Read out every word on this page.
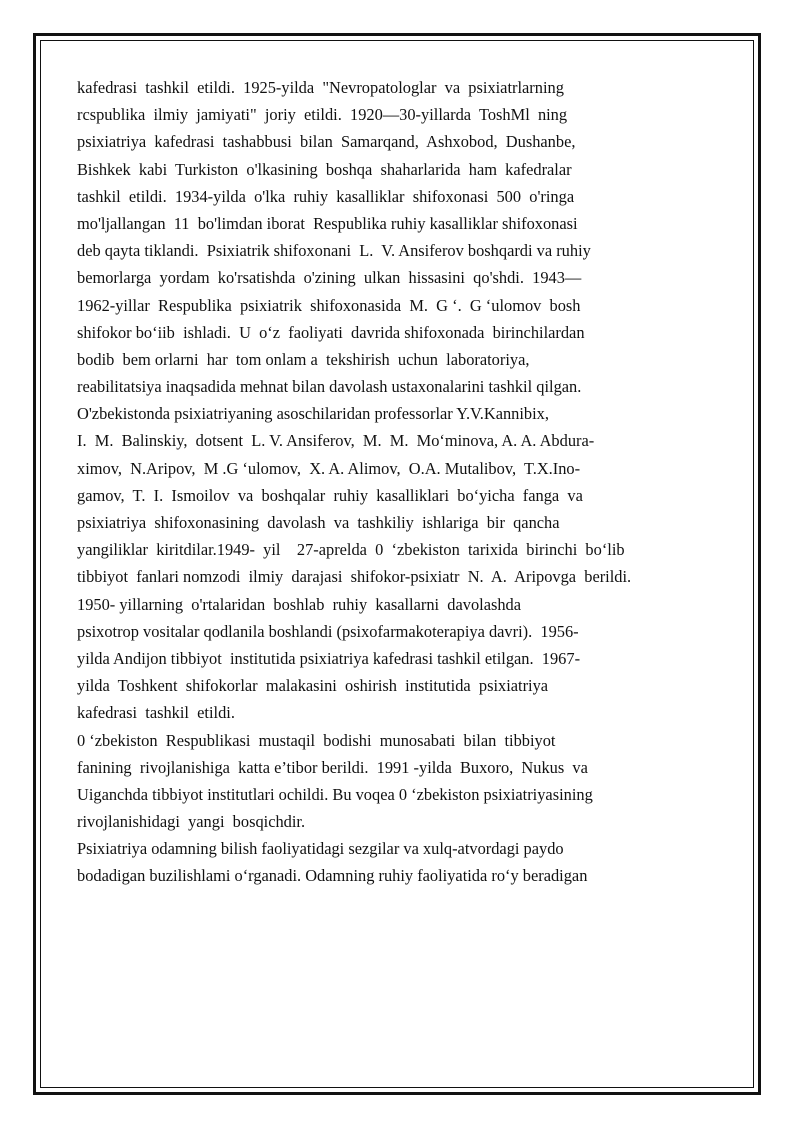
kafedrasi  tashkil  etildi.  1925-yilda  "Nevropatologlar  va  psixiatrlarning
rcspublika  ilmiy  jamiyati"  joriy  etildi.  1920—30-yillarda  ToshMl  ning
psixiatriya  kafedrasi  tashabbusi  bilan  Samarqand,  Ashxobod,  Dushanbe,
Bishkek  kabi  Turkiston  o'lkasining  boshqa  shaharlarida  ham  kafedralar
tashkil  etildi.  1934-yilda  o'lka  ruhiy  kasalliklar  shifoxonasi  500  o'ringa
mo'ljallangan  11  bo'limdan iborat  Respublika ruhiy kasalliklar shifoxonasi
deb qayta tiklandi.  Psixiatrik shifoxonani  L.  V. Ansiferov boshqardi va ruhiy
bemorlarga  yordam  ko'rsatishda  o'zining  ulkan  hissasini  qo'shdi.  1943—
1962-yillar  Respublika  psixiatrik  shifoxonasida  M.  G ‘.  G ‘ulomov  bosh
shifokor bo‘iib  ishladi.  U  o‘z  faoliyati  davrida shifoxonada  birinchilardan
bodib  bem orlarni  har  tom onlam a  tekshirish  uchun  laboratoriya,
reabilitatsiya inaqsadida mehnat bilan davolash ustaxonalarini tashkil qilgan.
O'zbekistonda psixiatriyaning asoschilaridan professorlar Y.V.Kannibix,
I.  M.  Balinskiy,  dotsent  L. V. Ansiferov,  M.  M.  Mo‘minova, A. A. Abdura-
ximov,  N.Aripov,  M .G ‘ulomov,  X. A. Alimov,  O.A. Mutalibov,  T.X.Ino-
gamov,  T.  I.  Ismoilov  va  boshqalar  ruhiy  kasalliklari  bo‘yicha  fanga  va
psixiatriya  shifoxonasining  davolash  va  tashkiliy  ishlariga  bir  qancha
yangiliklar  kiritdilar.1949-  yil    27-aprelda  0  ‘zbekiston  tarixida  birinchi  bo‘lib
tibbiyot  fanlari nomzodi  ilmiy  darajasi  shifokor-psixiatr  N.  A.  Aripovga  berildi.
1950- yillarning  o'rtalaridan  boshlab  ruhiy  kasallarni  davolashda
psixotrop vositalar qodlanila boshlandi (psixofarmakoterapiya davri).  1956-
yilda Andijon tibbiyot  institutida psixiatriya kafedrasi tashkil etilgan.  1967-
yilda  Toshkent  shifokorlar  malakasini  oshirish  institutida  psixiatriya
kafedrasi  tashkil  etildi.
0 ‘zbekiston  Respublikasi  mustaqil  bodishi  munosabati  bilan  tibbiyot
fanining  rivojlanishiga  katta e’tibor berildi.  1991 -yilda  Buxoro,  Nukus  va
Uiganchda tibbiyot institutlari ochildi. Bu voqea 0 ‘zbekiston psixiatriyasining
rivojlanishidagi  yangi  bosqichdir.
Psixiatriya odamning bilish faoliyatidagi sezgilar va xulq-atvordagi paydo
bodadigan buzilishlami o‘rganadi. Odamning ruhiy faoliyatida ro‘y beradigan
